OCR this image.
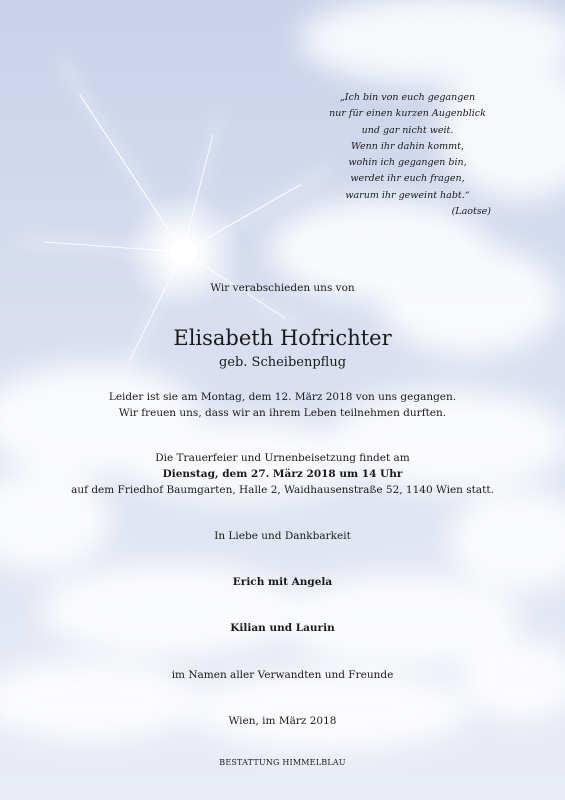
„Ich bin von euch gegangen
nur für einen kurzen Augenblick
und gar nicht weit.
Wenn ihr dahin kommt,
wohin ich gegangen bin,
werdet ihr euch fragen,
warum ihr geweint habt.“
(Laotse)
Wir verabschieden uns von
Elisabeth Hofrichter
geb. Scheibenpflug
Leider ist sie am Montag, dem 12. März 2018 von uns gegangen.
Wir freuen uns, dass wir an ihrem Leben teilnehmen durften.
Die Trauerfeier und Urnenbeisetzung findet am
Dienstag, dem 27. März 2018 um 14 Uhr
auf dem Friedhof Baumgarten, Halle 2, Waidhausenstraße 52, 1140 Wien statt.
In Liebe und Dankbarkeit
Erich mit Angela
Kilian und Laurin
im Namen aller Verwandten und Freunde
Wien, im März 2018
BESTATTUNG HIMMELBLAU
